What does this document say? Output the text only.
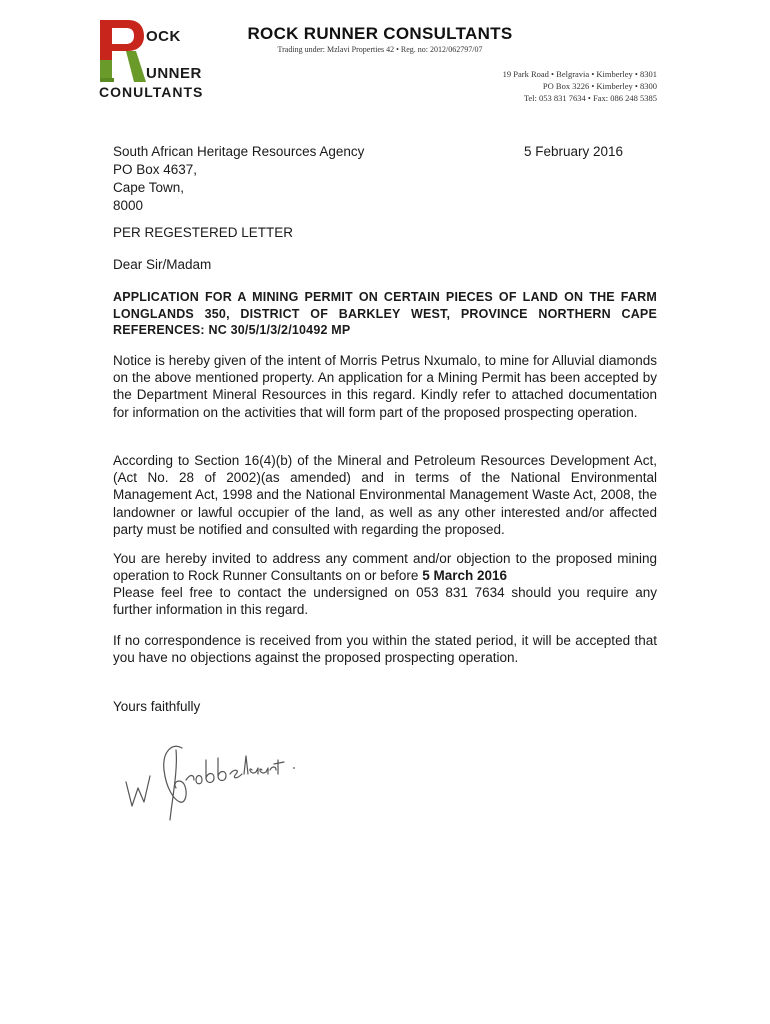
OCK
UNNER
CONULTANTS
ROCK RUNNER CONSULTANTS
Trading under: Mzlavi Properties 42 • Reg. no: 2012/062797/07
19 Park Road • Belgravia • Kimberley • 8301
PO Box 3226 • Kimberley • 8300
Tel: 053 831 7634 • Fax: 086 248 5385
South African Heritage Resources Agency
PO Box 4637,
Cape Town,
8000
5 February 2016
PER REGESTERED LETTER
Dear Sir/Madam
APPLICATION FOR A MINING PERMIT ON CERTAIN PIECES OF LAND ON THE FARM LONGLANDS 350, DISTRICT OF BARKLEY WEST, PROVINCE NORTHERN CAPE REFERENCES: NC 30/5/1/3/2/10492 MP

Notice is hereby given of the intent of Morris Petrus Nxumalo, to mine for Alluvial diamonds on the above mentioned property. An application for a Mining Permit has been accepted by the Department Mineral Resources in this regard. Kindly refer to attached documentation for information on the activities that will form part of the proposed prospecting operation.

According to Section 16(4)(b) of the Mineral and Petroleum Resources Development Act, (Act No. 28 of 2002)(as amended) and in terms of the National Environmental Management Act, 1998 and the National Environmental Management Waste Act, 2008, the landowner or lawful occupier of the land, as well as any other interested and/or affected party must be notified and consulted with regarding the proposed.

You are hereby invited to address any comment and/or objection to the proposed mining operation to Rock Runner Consultants on or before 5 March 2016

Please feel free to contact the undersigned on 053 831 7634 should you require any further information in this regard.

If no correspondence is received from you within the stated period, it will be accepted that you have no objections against the proposed prospecting operation.

Yours faithfully
